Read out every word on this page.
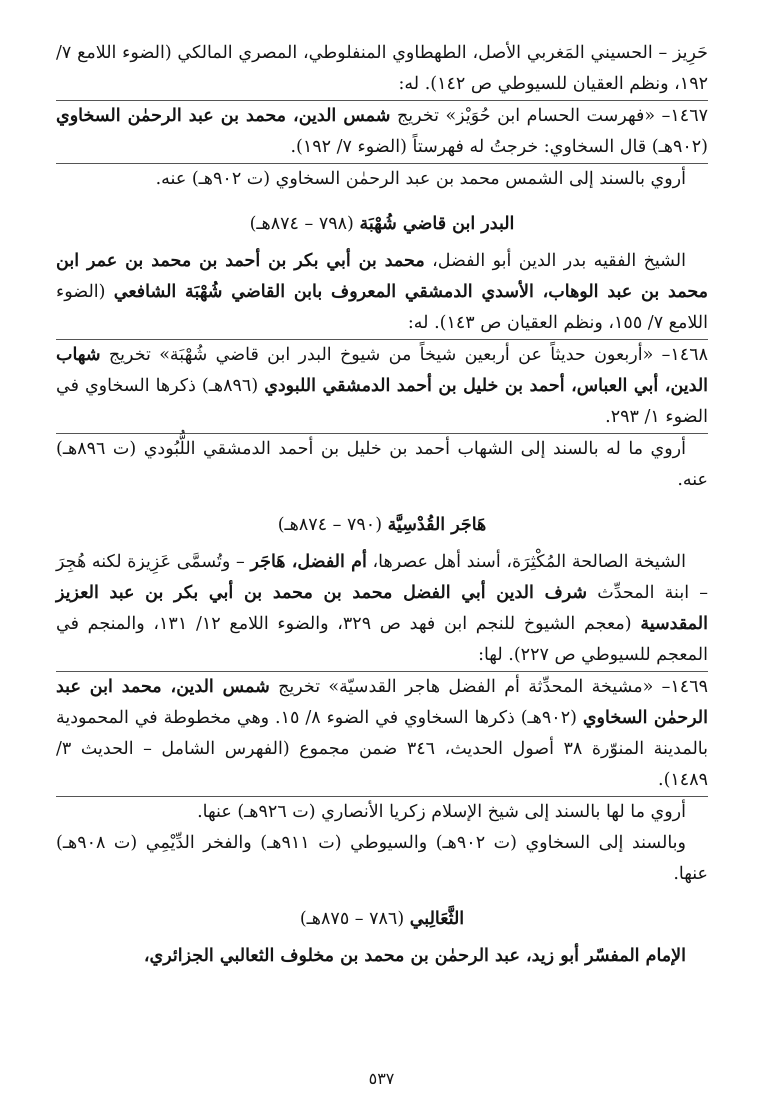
حَرِيز – الحسيني المَغربي الأصل، الطهطاوي المنفلوطي، المصري المالكي (الضوء اللامع ٧/ ١٩٢، ونظم العقيان للسيوطي ص ١٤٢). له:

١٤٦٧– «فهرست الحسام ابن حُوَيْز» تخريج شمس الدين، محمد بن عبد الرحمٰن السخاوي (٩٠٢هـ) قال السخاوي: خرجتُ له فهرستاً (الضوء ٧/ ١٩٢).

أروي بالسند إلى الشمس محمد بن عبد الرحمٰن السخاوي (ت ٩٠٢هـ) عنه.

البدر ابن قاضي شُهْبَة (٧٩٨ – ٨٧٤هـ)

الشيخ الفقيه بدر الدين أبو الفضل، محمد بن أبي بكر بن أحمد بن محمد بن عمر ابن محمد بن عبد الوهاب، الأسدي الدمشقي المعروف بابن القاضي شُهْبَة الشافعي (الضوء اللامع ٧/ ١٥٥، ونظم العقيان ص ١٤٣). له:

١٤٦٨– «أربعون حديثاً عن أربعين شيخاً من شيوخ البدر ابن قاضي شُهْبَة» تخريج شهاب الدين، أبي العباس، أحمد بن خليل بن أحمد الدمشقي اللبودي (٨٩٦هـ) ذكرها السخاوي في الضوء ١/ ٢٩٣.

أروي ما له بالسند إلى الشهاب أحمد بن خليل بن أحمد الدمشقي اللُّبُودي (ت ٨٩٦هـ) عنه.

هَاجَر القُدْسِيَّة (٧٩٠ – ٨٧٤هـ)

الشيخة الصالحة المُكْثِرَة، أسند أهل عصرها، أم الفضل، هَاجَر – وتُسمَّى عَزِيزة لكنه هُجِرَ – ابنة المحدِّث شرف الدين أبي الفضل محمد بن محمد بن أبي بكر بن عبد العزيز المقدسية (معجم الشيوخ للنجم ابن فهد ص ٣٢٩، والضوء اللامع ١٢/ ١٣١، والمنجم في المعجم للسيوطي ص ٢٢٧). لها:

١٤٦٩– «مشيخة المحدِّثة أم الفضل هاجر القدسيّة» تخريج شمس الدين، محمد ابن عبد الرحمٰن السخاوي (٩٠٢هـ) ذكرها السخاوي في الضوء ٨/ ١٥. وهي مخطوطة في المحمودية بالمدينة المنوّرة ٣٨ أصول الحديث، ٣٤٦ ضمن مجموع (الفهرس الشامل – الحديث ٣/ ١٤٨٩).

أروي ما لها بالسند إلى شيخ الإسلام زكريا الأنصاري (ت ٩٢٦هـ) عنها.

وبالسند إلى السخاوي (ت ٩٠٢هـ) والسيوطي (ت ٩١١هـ) والفخر الدِّيْمِي (ت ٩٠٨هـ) عنها.

الثَّعَالِبي (٧٨٦ – ٨٧٥هـ)

الإمام المفسّر أبو زيد، عبد الرحمٰن بن محمد بن مخلوف الثعالبي الجزائري،

٥٣٧
